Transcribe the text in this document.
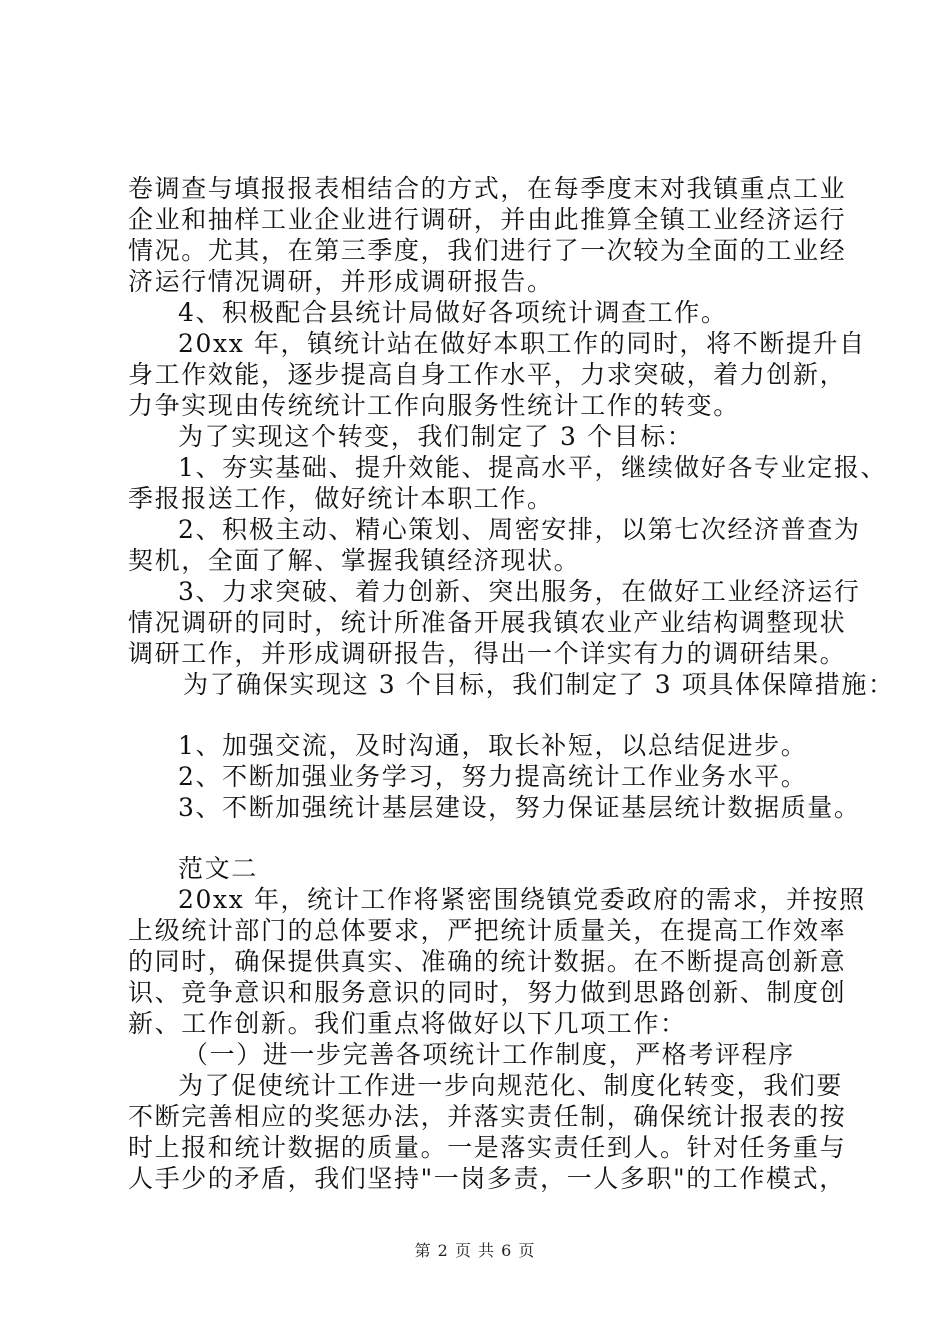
卷调查与填报报表相结合的方式，在每季度末对我镇重点工业
企业和抽样工业企业进行调研，并由此推算全镇工业经济运行
情况。尤其，在第三季度，我们进行了一次较为全面的工业经
济运行情况调研，并形成调研报告。
4、积极配合县统计局做好各项统计调查工作。
20xx 年，镇统计站在做好本职工作的同时，将不断提升自
身工作效能，逐步提高自身工作水平，力求突破，着力创新，
力争实现由传统统计工作向服务性统计工作的转变。
为了实现这个转变，我们制定了 3 个目标：
1、夯实基础、提升效能、提高水平，继续做好各专业定报、
季报报送工作，做好统计本职工作。
2、积极主动、精心策划、周密安排，以第七次经济普查为
契机，全面了解、掌握我镇经济现状。
3、力求突破、着力创新、突出服务，在做好工业经济运行
情况调研的同时，统计所准备开展我镇农业产业结构调整现状
调研工作，并形成调研报告，得出一个详实有力的调研结果。
为了确保实现这 3 个目标，我们制定了 3 项具体保障措施：
1、加强交流，及时沟通，取长补短，以总结促进步。
2、不断加强业务学习，努力提高统计工作业务水平。
3、不断加强统计基层建设，努力保证基层统计数据质量。
范文二
20xx 年，统计工作将紧密围绕镇党委政府的需求，并按照
上级统计部门的总体要求，严把统计质量关，在提高工作效率
的同时，确保提供真实、准确的统计数据。在不断提高创新意
识、竞争意识和服务意识的同时，努力做到思路创新、制度创
新、工作创新。我们重点将做好以下几项工作：
（一）进一步完善各项统计工作制度，严格考评程序
为了促使统计工作进一步向规范化、制度化转变，我们要
不断完善相应的奖惩办法，并落实责任制，确保统计报表的按
时上报和统计数据的质量。一是落实责任到人。针对任务重与
人手少的矛盾，我们坚持"一岗多责，一人多职"的工作模式，
第 2 页 共 6 页
